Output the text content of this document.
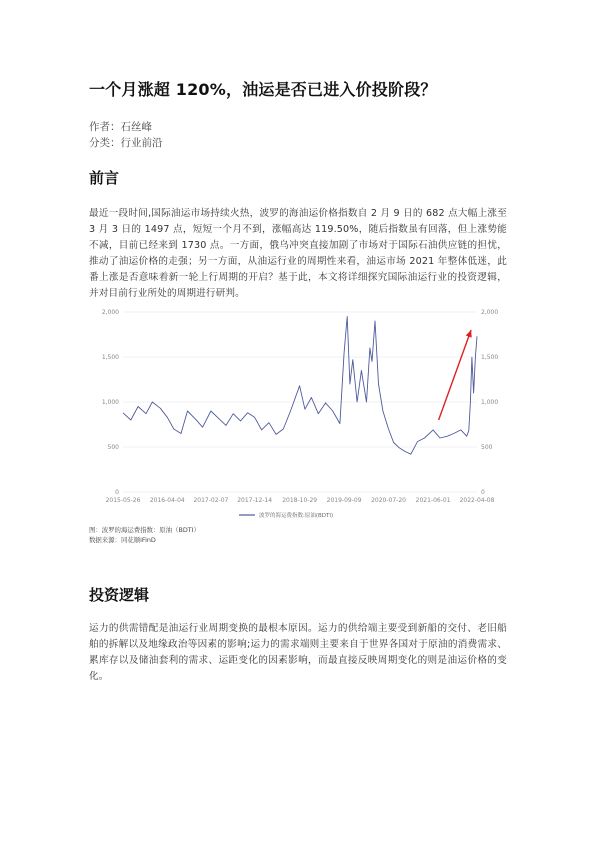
一个月涨超 120%，油运是否已进入价投阶段？
作者：石丝峰
分类：行业前沿
前言
最近一段时间,国际油运市场持续火热，波罗的海油运价格指数自 2 月 9 日的 682 点大幅上涨至 3 月 3 日的 1497 点，短短一个月不到，涨幅高达 119.50%，随后指数虽有回落，但上涨势能不减，目前已经来到 1730 点。一方面，俄乌冲突直接加剧了市场对于国际石油供应链的担忧，推动了油运价格的走强；另一方面，从油运行业的周期性来看，油运市场 2021 年整体低迷，此番上涨是否意味着新一轮上行周期的开启？基于此，本文将详细探究国际油运行业的投资逻辑，并对目前行业所处的周期进行研判。
2,000	2,000
1,500	1,500
1,000	1,000
500	500
0	0
2015-05-26 2016-04-04 2017-02-07 2017-12-14 2018-10-29 2019-09-09 2020-07-20 2021-06-01 2022-04-08
波罗的海运费指数:原油(BDTI)
图：波罗的海运费指数：原油（BDTI）
数据来源：同花顺iFinD
投资逻辑
运力的供需错配是油运行业周期变换的最根本原因。运力的供给端主要受到新船的交付、老旧船舶的拆解以及地缘政治等因素的影响;运力的需求端则主要来自于世界各国对于原油的消费需求、累库存以及储油套利的需求、运距变化的因素影响，而最直接反映周期变化的则是油运价格的变化。
